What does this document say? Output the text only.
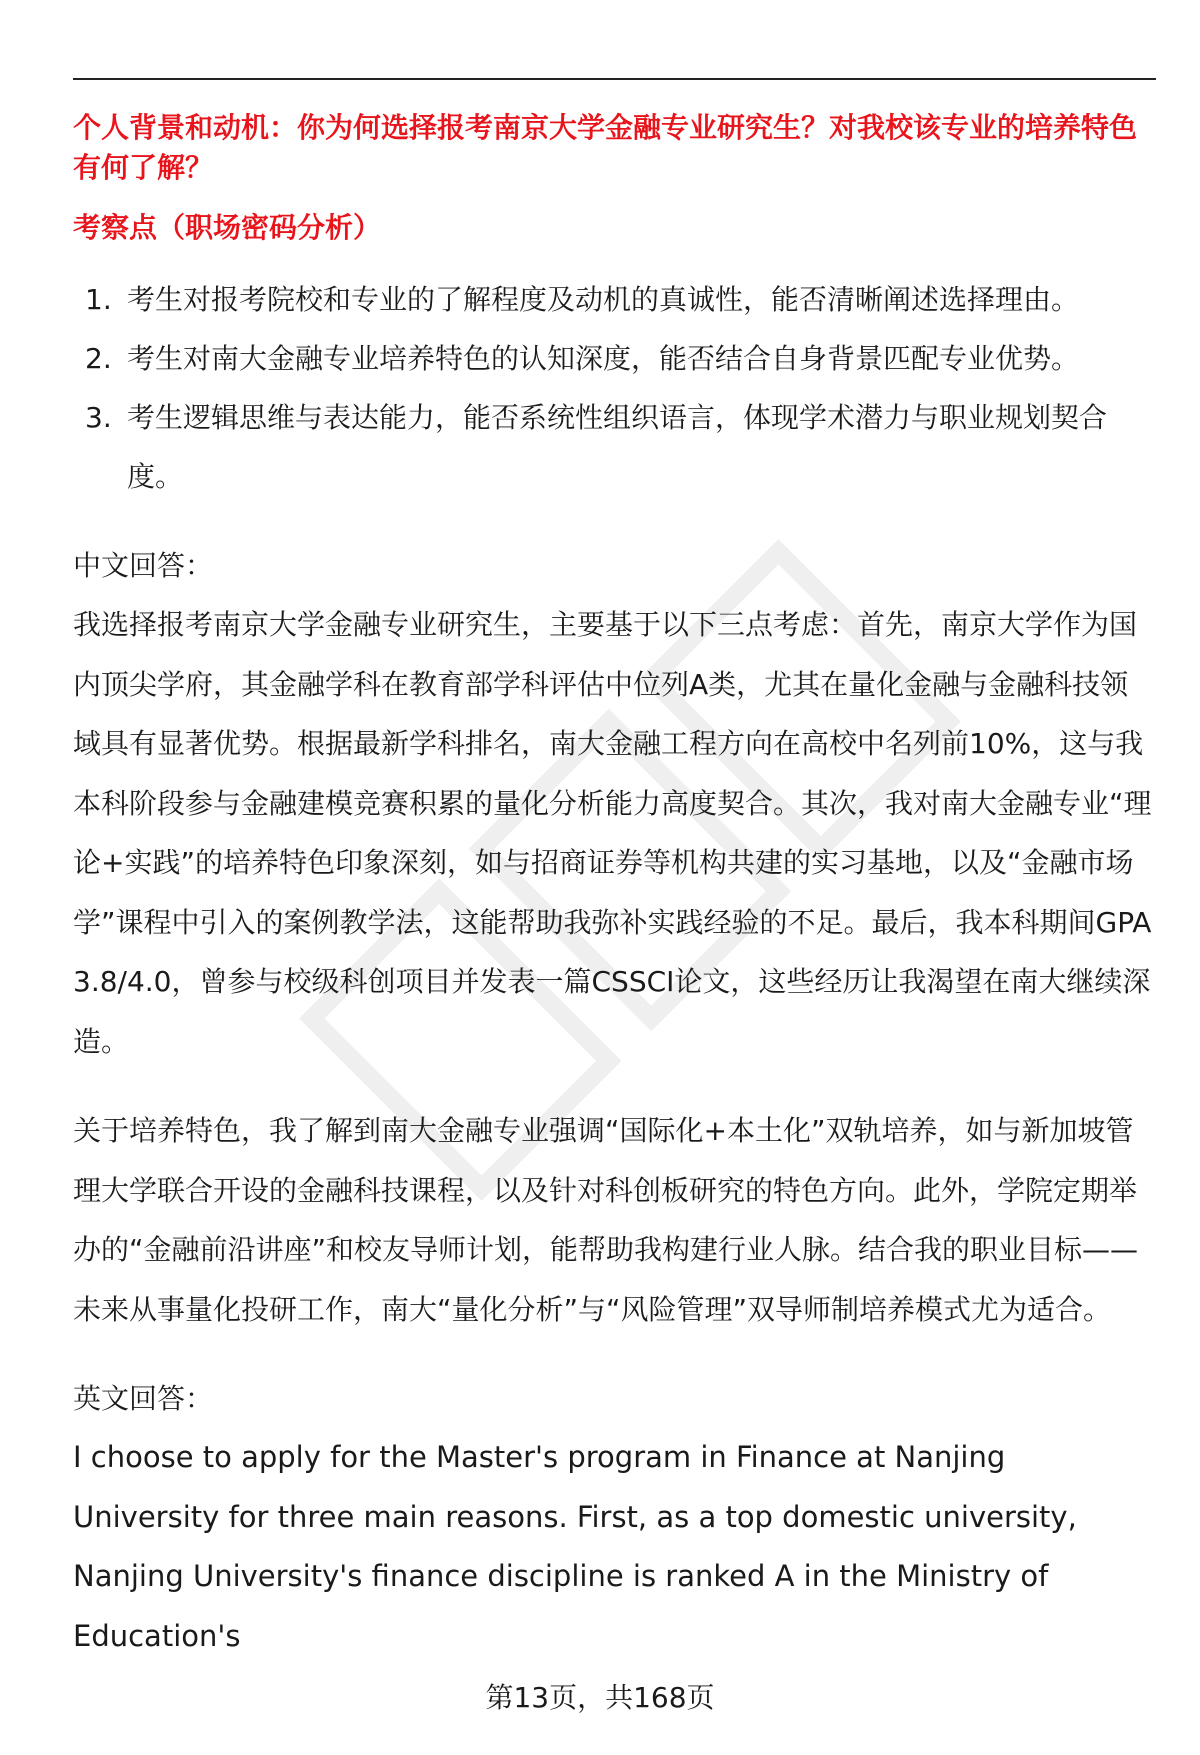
个人背景和动机：你为何选择报考南京大学金融专业研究生？对我校该专业的培养特色有何了解？

考察点（职场密码分析）

1. 考生对报考院校和专业的了解程度及动机的真诚性，能否清晰阐述选择理由。
2. 考生对南大金融专业培养特色的认知深度，能否结合自身背景匹配专业优势。
3. 考生逻辑思维与表达能力，能否系统性组织语言，体现学术潜力与职业规划契合度。

中文回答：

我选择报考南京大学金融专业研究生，主要基于以下三点考虑：首先，南京大学作为国内顶尖学府，其金融学科在教育部学科评估中位列A类，尤其在量化金融与金融科技领域具有显著优势。根据最新学科排名，南大金融工程方向在高校中名列前10%，这与我本科阶段参与金融建模竞赛积累的量化分析能力高度契合。其次，我对南大金融专业“理论+实践”的培养特色印象深刻，如与招商证券等机构共建的实习基地，以及“金融市场学”课程中引入的案例教学法，这能帮助我弥补实践经验的不足。最后，我本科期间GPA 3.8/4.0，曾参与校级科创项目并发表一篇CSSCI论文，这些经历让我渴望在南大继续深造。

关于培养特色，我了解到南大金融专业强调“国际化+本土化”双轨培养，如与新加坡管理大学联合开设的金融科技课程，以及针对科创板研究的特色方向。此外，学院定期举办的“金融前沿讲座”和校友导师计划，能帮助我构建行业人脉。结合我的职业目标——未来从事量化投研工作，南大“量化分析”与“风险管理”双导师制培养模式尤为适合。

英文回答：

I choose to apply for the Master's program in Finance at Nanjing University for three main reasons. First, as a top domestic university, Nanjing University's finance discipline is ranked A in the Ministry of Education's

第13页，共168页
